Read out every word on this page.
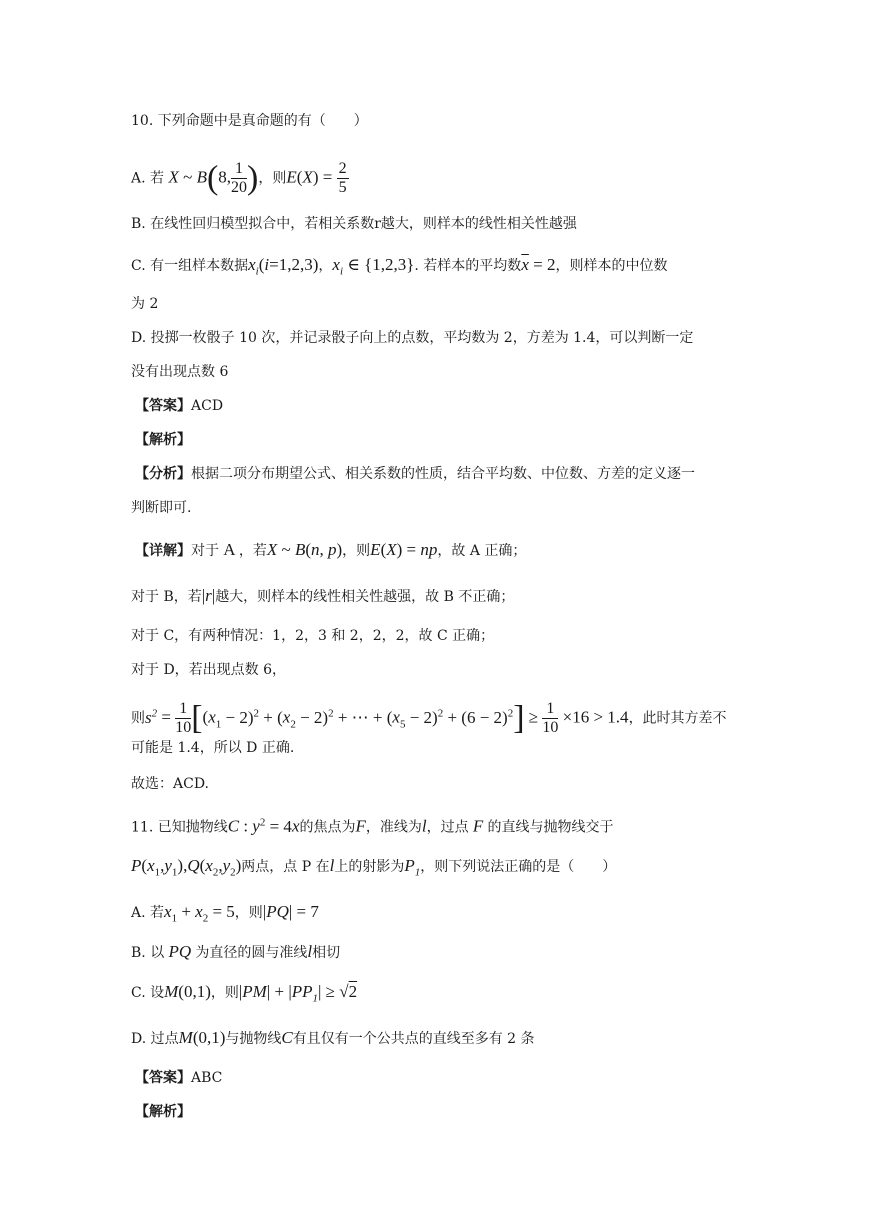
10. 下列命题中是真命题的有（　　）
A. 若 X ~ B(8, $\frac{1}{20}$ )，则$E(X) = \frac{2}{5}$
B. 在线性回归模型拟合中，若相关系数r越大，则样本的线性相关性越强
C. 有一组样本数据$x_i(i=1,2,3)$，$x_i$ ∈ {1,2,3}. 若样本的平均数$\overline{x} = 2$，则样本的中位数
为 2
D. 投掷一枚骰子 10 次，并记录骰子向上的点数，平均数为 2，方差为 1.4，可以判断一定
没有出现点数 6
【答案】ACD
【解析】
【分析】根据二项分布期望公式、相关系数的性质，结合平均数、中位数、方差的定义逐一
判断即可.
【详解】对于 A ，若X ~ B(n, p)，则E(X) = np，故 A 正确；
对于 B，若|r|越大，则样本的线性相关性越强，故 B 不正确；
对于 C，有两种情况：1，2，3 和 2，2，2，故 C 正确；
对于 D，若出现点数 6，
则$s^2 = \frac{1}{10} [(x_1 - 2)^2 + (x_2 - 2)^2$ + ⋯ + $(x_5 - 2)^2 + (6 - 2)^2] \ge \frac{1}{10} \times 16 > 1.4$，此时其方差不
可能是 1.4，所以 D 正确.
故选：ACD.
11. 已知抛物线C : $y^2 = 4x$的焦点为F，准线为l，过点 F 的直线与抛物线交于
$P(x_1,y_1),Q(x_2,y_2)$两点，点 P 在l上的射影为$P_1$，则下列说法正确的是（　　）
A. 若$x_1 + x_2 = 5$，则|PQ| = 7
B. 以 PQ 为直径的圆与准线l相切
C. 设M(0,1)，则$|PM| + |PP_1| \ge √2$
D. 过点M(0,1)与抛物线C有且仅有一个公共点的直线至多有 2 条
【答案】ABC
【解析】
